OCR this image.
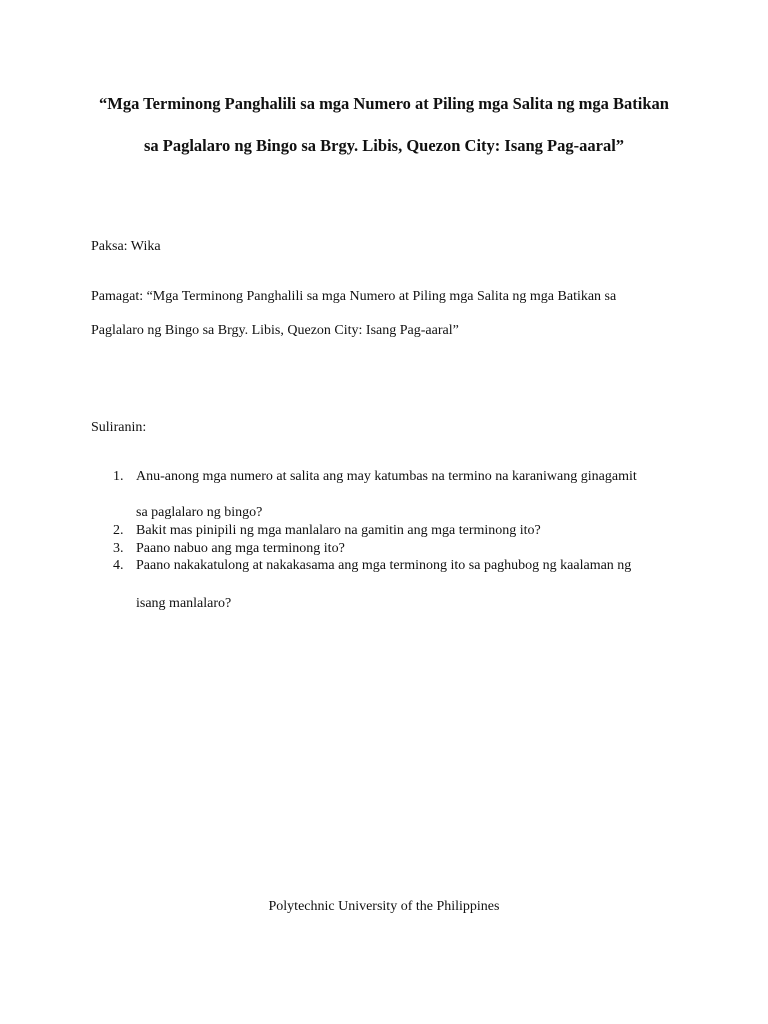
“Mga Terminong Panghalili sa mga Numero at Piling mga Salita ng mga Batikan

sa Paglalaro ng Bingo sa Brgy. Libis, Quezon City: Isang Pag-aaral”

Paksa: Wika

Pamagat: “Mga Terminong Panghalili sa mga Numero at Piling mga Salita ng mga Batikan sa

Paglalaro ng Bingo sa Brgy. Libis, Quezon City: Isang Pag-aaral”

Suliranin:

1. Anu-anong mga numero at salita ang may katumbas na termino na karaniwang ginagamit
sa paglalaro ng bingo?
2. Bakit mas pinipili ng mga manlalaro na gamitin ang mga terminong ito?
3. Paano nabuo ang mga terminong ito?
4. Paano nakakatulong at nakakasama ang mga terminong ito sa paghubog ng kaalaman ng
isang manlalaro?

Polytechnic University of the Philippines
